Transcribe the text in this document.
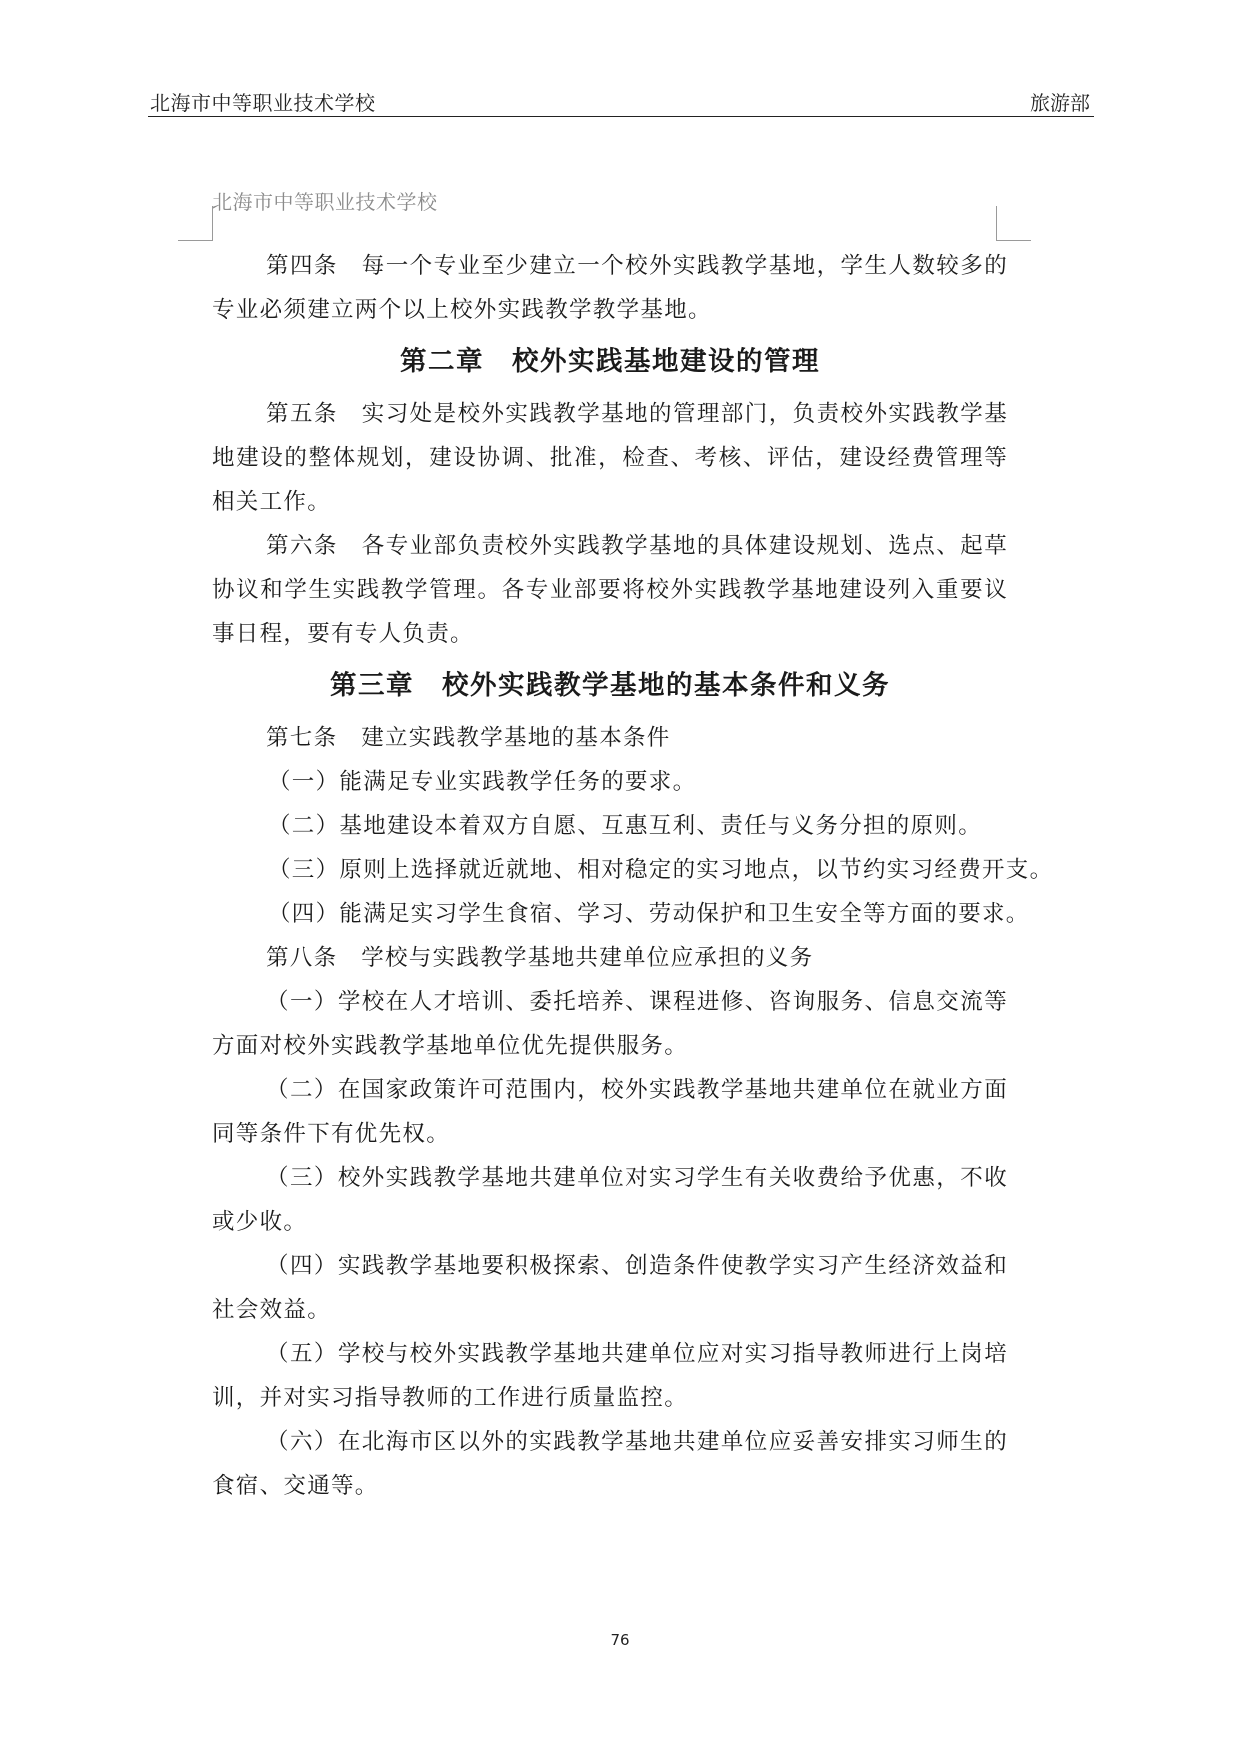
北海市中等职业技术学校	旅游部
北海市中等职业技术学校

第四条　每一个专业至少建立一个校外实践教学基地，学生人数较多的专业必须建立两个以上校外实践教学教学基地。

第二章　校外实践基地建设的管理

第五条　实习处是校外实践教学基地的管理部门，负责校外实践教学基地建设的整体规划，建设协调、批准，检查、考核、评估，建设经费管理等相关工作。

第六条　各专业部负责校外实践教学基地的具体建设规划、选点、起草协议和学生实践教学管理。各专业部要将校外实践教学基地建设列入重要议事日程，要有专人负责。

第三章　校外实践教学基地的基本条件和义务

第七条　建立实践教学基地的基本条件

（一）能满足专业实践教学任务的要求。

（二）基地建设本着双方自愿、互惠互利、责任与义务分担的原则。

（三）原则上选择就近就地、相对稳定的实习地点，以节约实习经费开支。

（四）能满足实习学生食宿、学习、劳动保护和卫生安全等方面的要求。

第八条　学校与实践教学基地共建单位应承担的义务

（一）学校在人才培训、委托培养、课程进修、咨询服务、信息交流等方面对校外实践教学基地单位优先提供服务。

（二）在国家政策许可范围内，校外实践教学基地共建单位在就业方面同等条件下有优先权。

（三）校外实践教学基地共建单位对实习学生有关收费给予优惠，不收或少收。

（四）实践教学基地要积极探索、创造条件使教学实习产生经济效益和社会效益。

（五）学校与校外实践教学基地共建单位应对实习指导教师进行上岗培训，并对实习指导教师的工作进行质量监控。

（六）在北海市区以外的实践教学基地共建单位应妥善安排实习师生的食宿、交通等。

76
